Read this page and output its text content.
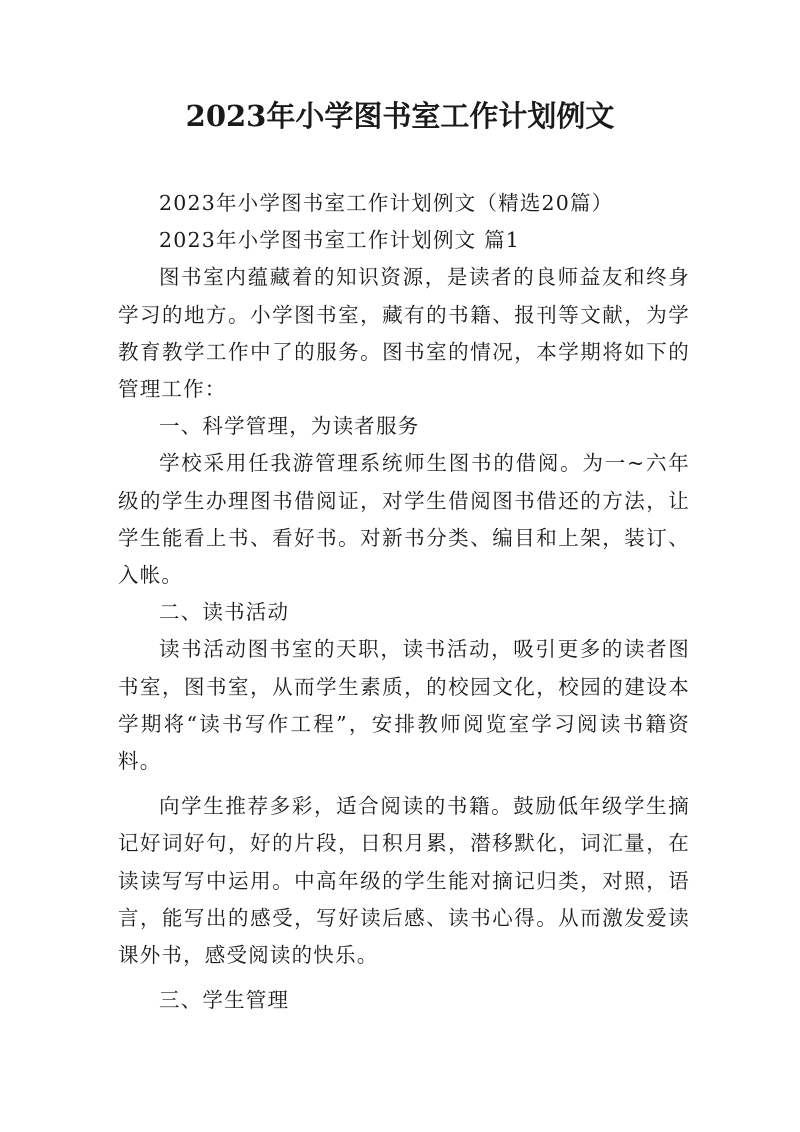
2023年小学图书室工作计划例文

2023年小学图书室工作计划例文（精选20篇）

2023年小学图书室工作计划例文 篇1

图书室内蕴藏着的知识资源，是读者的良师益友和终身学习的地方。小学图书室，藏有的书籍、报刊等文献，为学教育教学工作中了的服务。图书室的情况，本学期将如下的管理工作：

一、科学管理，为读者服务

学校采用任我游管理系统师生图书的借阅。为一~六年级的学生办理图书借阅证，对学生借阅图书借还的方法，让学生能看上书、看好书。对新书分类、编目和上架，装订、入帐。

二、读书活动

读书活动图书室的天职，读书活动，吸引更多的读者图书室，图书室，从而学生素质，的校园文化，校园的建设本学期将“读书写作工程”，安排教师阅览室学习阅读书籍资料。

向学生推荐多彩，适合阅读的书籍。鼓励低年级学生摘记好词好句，好的片段，日积月累，潜移默化，词汇量，在读读写写中运用。中高年级的学生能对摘记归类，对照，语言，能写出的感受，写好读后感、读书心得。从而激发爱读课外书，感受阅读的快乐。

三、学生管理
